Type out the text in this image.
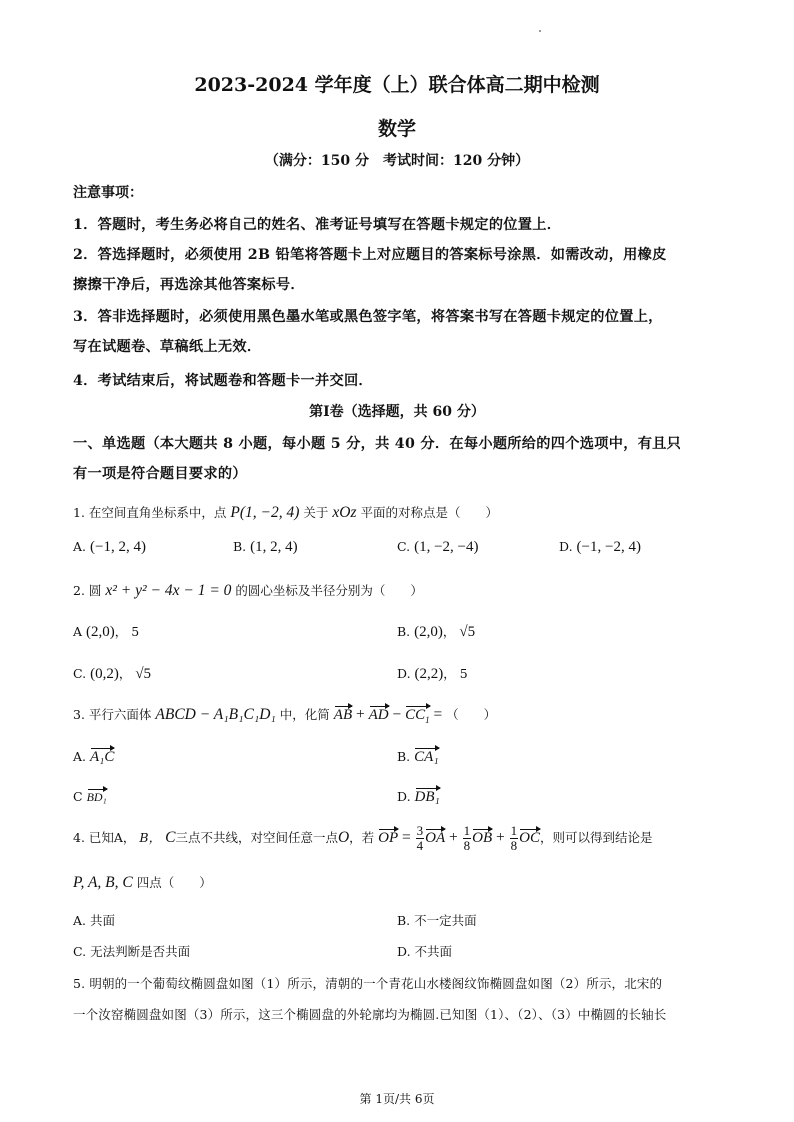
2023-2024 学年度（上）联合体高二期中检测
数学
（满分：150 分　考试时间：120 分钟）
注意事项：
1．答题时，考生务必将自己的姓名、准考证号填写在答题卡规定的位置上．
2．答选择题时，必须使用 2B 铅笔将答题卡上对应题目的答案标号涂黑．如需改动，用橡皮
擦擦干净后，再选涂其他答案标号．
3．答非选择题时，必须使用黑色墨水笔或黑色签字笔，将答案书写在答题卡规定的位置上，
写在试题卷、草稿纸上无效．
4．考试结束后，将试题卷和答题卡一并交回．
第Ⅰ卷（选择题，共 60 分）
一、单选题（本大题共 8 小题，每小题 5 分，共 40 分．在每小题所给的四个选项中，有且只
有一项是符合题目要求的）
1. 在空间直角坐标系中，点 P(1, −2, 4) 关于 xOz 平面的对称点是（　　）
A. (−1, 2, 4)	B. (1, 2, 4)	C. (1, −2, −4)	D. (−1, −2, 4)
2. 圆 x² + y² − 4x − 1 = 0 的圆心坐标及半径分别为（　　）
A (2,0)， 5	B. (2,0)， √5
C. (0,2)， √5	D. (2,2)， 5
3. 平行六面体 ABCD − A₁B₁C₁D₁ 中，化简 AB + AD − $CC_1$ = （　　）
A. A₁C	B. CA₁
C BD₁	D. DB₁
4. 已知A， B， C三点不共线，对空间任意一点O，若 OP = $\frac{3}{4}$ OA + $\frac{1}{8}$ OB + $\frac{1}{8}$ OC，则可以得到结论是
P, A, B, C 四点（　　）
A. 共面	B. 不一定共面
C. 无法判断是否共面	D. 不共面
5. 明朝的一个葡萄纹椭圆盘如图（1）所示，清朝的一个青花山水楼阁纹饰椭圆盘如图（2）所示，北宋的
一个汝窑椭圆盘如图（3）所示，这三个椭圆盘的外轮廓均为椭圆.已知图（1）、（2）、（3）中椭圆的长轴长
第 1页/共 6页
